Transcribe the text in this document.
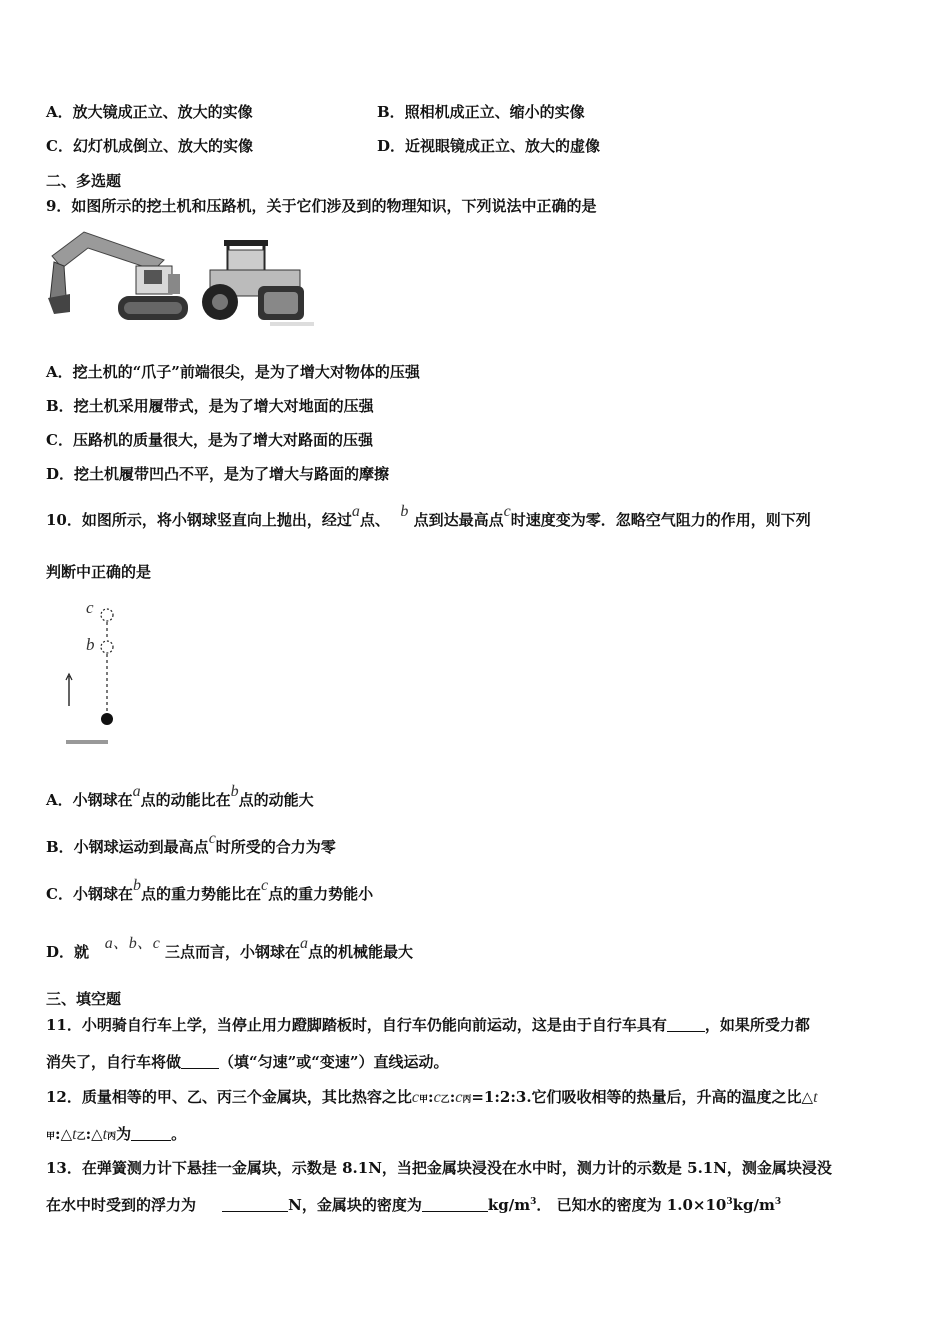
A．放大镜成正立、放大的实像	B．照相机成正立、缩小的实像
C．幻灯机成倒立、放大的实像	D．近视眼镜成正立、放大的虚像
二、多选题
9．如图所示的挖土机和压路机，关于它们涉及到的物理知识，下列说法中正确的是
A．挖土机的“爪子”前端很尖，是为了增大对物体的压强
B．挖土机采用履带式，是为了增大对地面的压强
C．压路机的质量很大，是为了增大对路面的压强
D．挖土机履带凹凸不平，是为了增大与路面的摩擦
10．如图所示，将小钢球竖直向上抛出，经过a点、 b 点到达最高点c时速度变为零．忽略空气阻力的作用，则下列
判断中正确的是
c
b
A．小钢球在a点的动能比在b点的动能大
B．小钢球运动到最高点c时所受的合力为零
C．小钢球在b点的重力势能比在c点的重力势能小
D．就 a、b、c 三点而言，小钢球在a点的机械能最大
三、填空题
11．小明骑自行车上学，当停止用力蹬脚踏板时，自行车仍能向前运动，这是由于自行车具有	，如果所受力都
消失了，自行车将做	（填“匀速”或“变速”）直线运动。
12．质量相等的甲、乙、丙三个金属块，其比热容之比c甲:c乙:c丙=1:2:3.它们吸收相等的热量后，升高的温度之比△t
甲:△t乙:△t丙为	。
13．在弹簧测力计下悬挂一金属块，示数是 8.1N，当把金属块浸没在水中时，测力计的示数是 5.1N，测金属块浸没
在水中时受到的浮力为	N，金属块的密度为	$kg/m^3$． 已知水的密度为 $1.0\times 10^3kg/m^3$
